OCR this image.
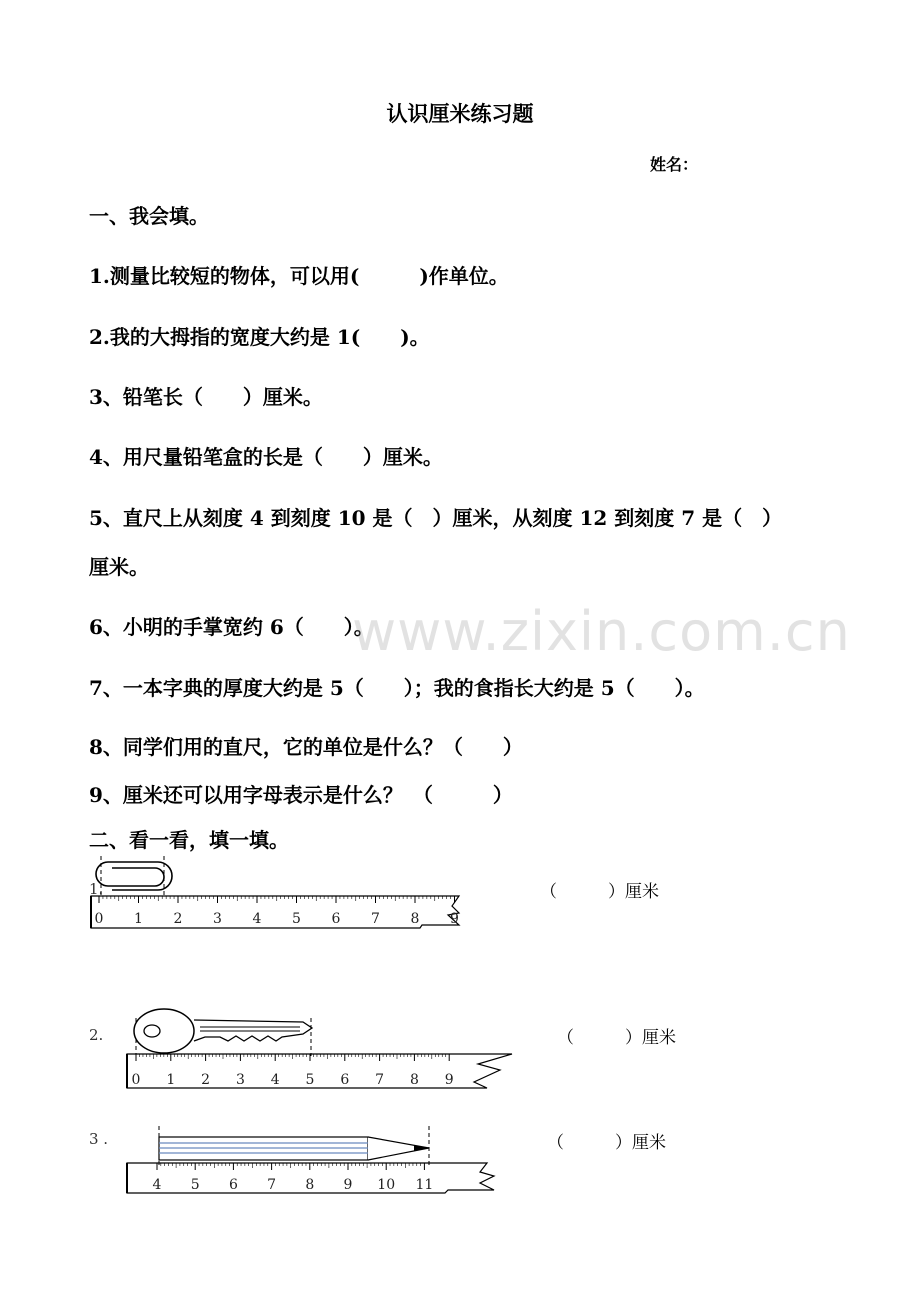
认识厘米练习题
姓名：
一、我会填。
1.测量比较短的物体，可以用(　　　)作单位。
2.我的大拇指的宽度大约是 1(　　)。
3、铅笔长（　　）厘米。
4、用尺量铅笔盒的长是（　　）厘米。
5、直尺上从刻度 4 到刻度 10 是（　）厘米，从刻度 12 到刻度 7 是（　）
厘米。
6、小明的手掌宽约 6（　　）。
7、一本字典的厚度大约是 5（　　）；我的食指长大约是 5（　　）。
8、同学们用的直尺，它的单位是什么？（　　）
9、厘米还可以用字母表示是什么？　（　　　）
二、看一看，填一填。
www.zixin.com.cn
1.	（　　　）厘米
2.	（　　　）厘米
3 .	（　　　）厘米
0 1 2 3 4 5 6 7 8 9
0 1 2 3 4 5 6 7 8 9
4 5 6 7 8 9 10 11
